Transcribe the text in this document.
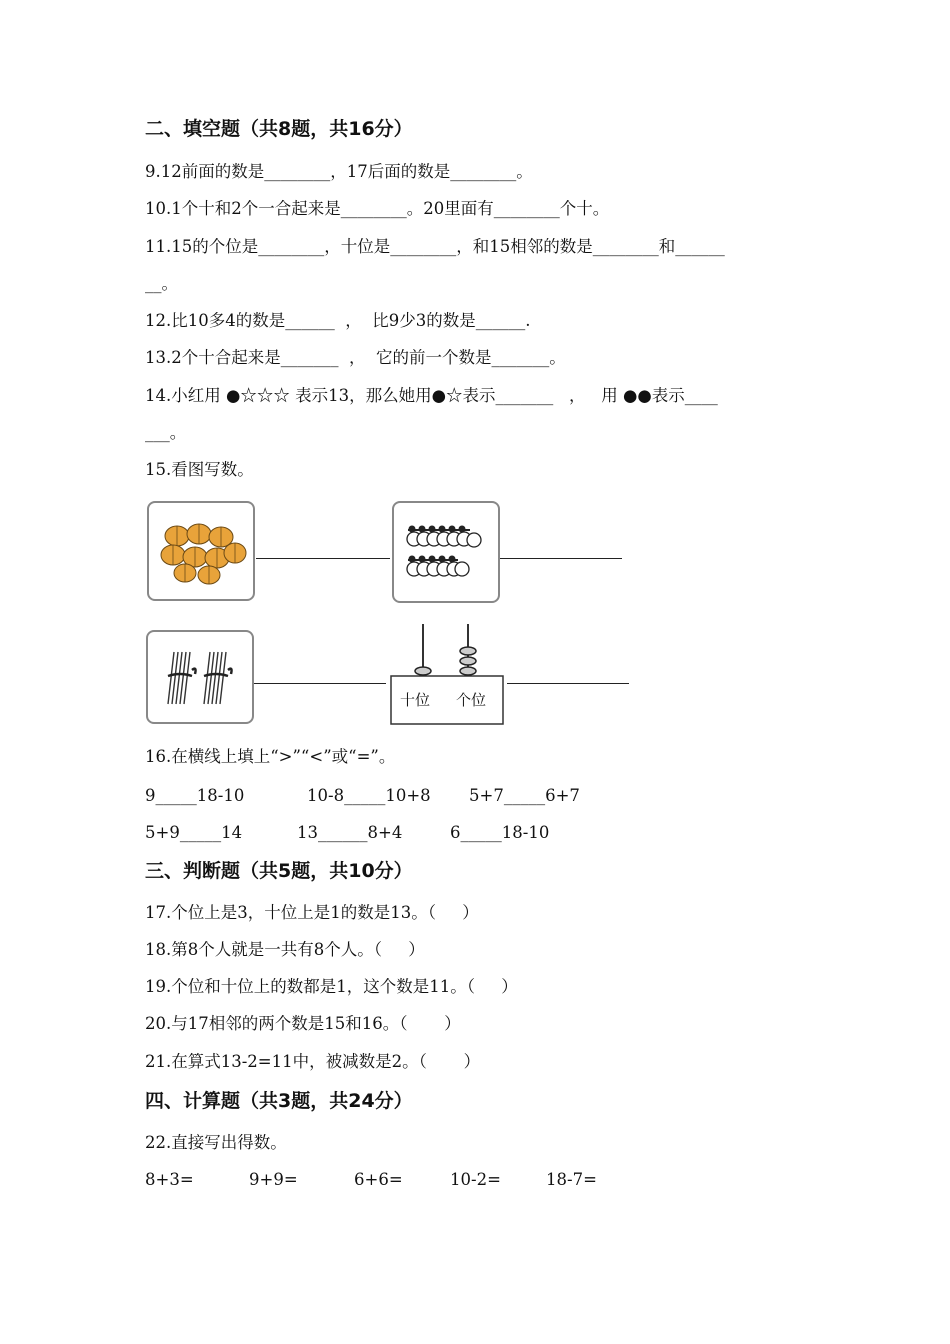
二、填空题（共8题，共16分）
9.12前面的数是________，17后面的数是________。
10.1个十和2个一合起来是________。20里面有________个十。
11.15的个位是________，十位是________，和15相邻的数是________和______
__。
12.比10多4的数是______  ，  比9少3的数是______.
13.2个十合起来是_______  ，  它的前一个数是_______。
14.小红用 ●☆☆☆ 表示13，那么她用●☆表示_______   ，   用 ●●表示____
___。
15.看图写数。
十位 个位
16.在横线上填上“>”“<”或“=”。
9_____18-10	10-8_____10+8 5+7_____6+7
5+9_____14	13______8+4	6_____18-10
三、判断题（共5题，共10分）
17.个位上是3，十位上是1的数是13。（     ）
18.第8个人就是一共有8个人。（     ）
19.个位和十位上的数都是1，这个数是11。（     ）
20.与17相邻的两个数是15和16。（       ）
21.在算式13-2=11中，被减数是2。（       ）
四、计算题（共3题，共24分）
22.直接写出得数。
8+3=	9+9=	6+6=	10-2=	18-7=
